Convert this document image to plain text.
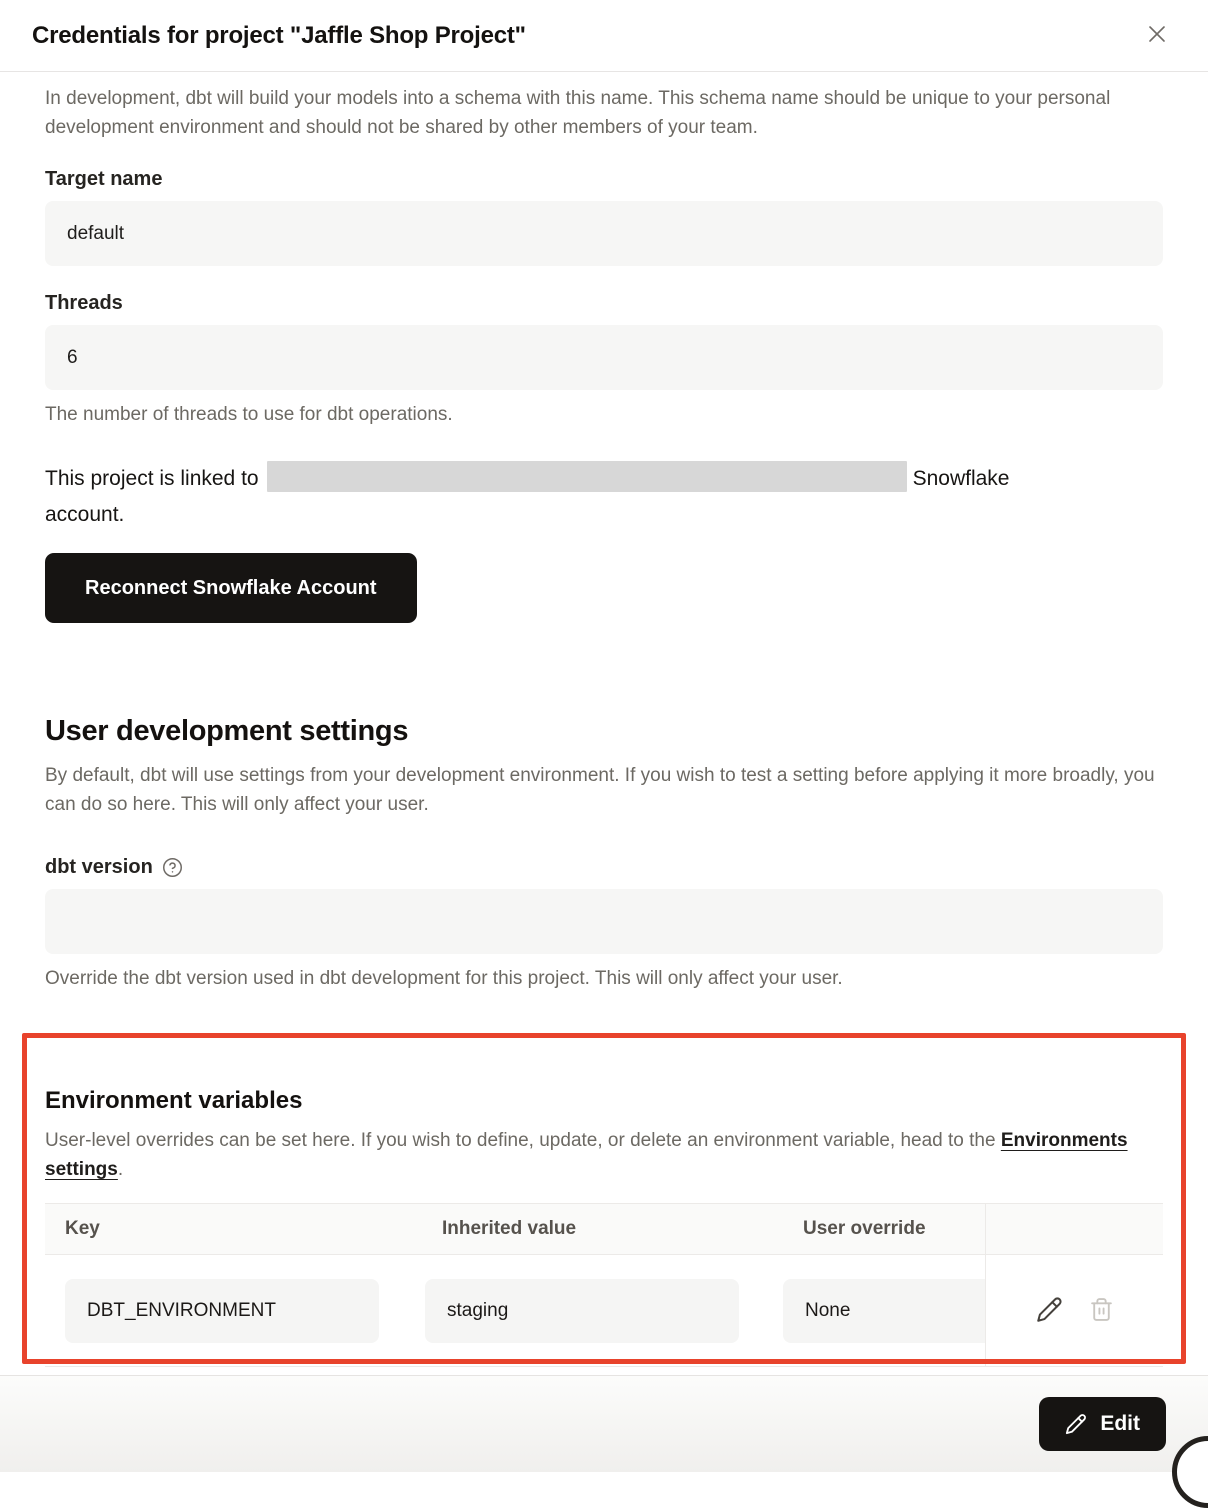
Credentials for project "Jaffle Shop Project"

In development, dbt will build your models into a schema with this name. This schema name should be unique to your personal development environment and should not be shared by other members of your team.

Target name
default
Threads
6
The number of threads to use for dbt operations.

This project is linked to	Snowflake
account.

Reconnect Snowflake Account
User development settings

By default, dbt will use settings from your development environment. If you wish to test a setting before applying it more broadly, you can do so here. This will only affect your user.

dbt version
Override the dbt version used in dbt development for this project. This will only affect your user.
Environment variables

User-level overrides can be set here. If you wish to define, update, or delete an environment variable, head to the Environments settings.

Key	Inherited value	User override
DBT_ENVIRONMENT	staging	None
Edit
